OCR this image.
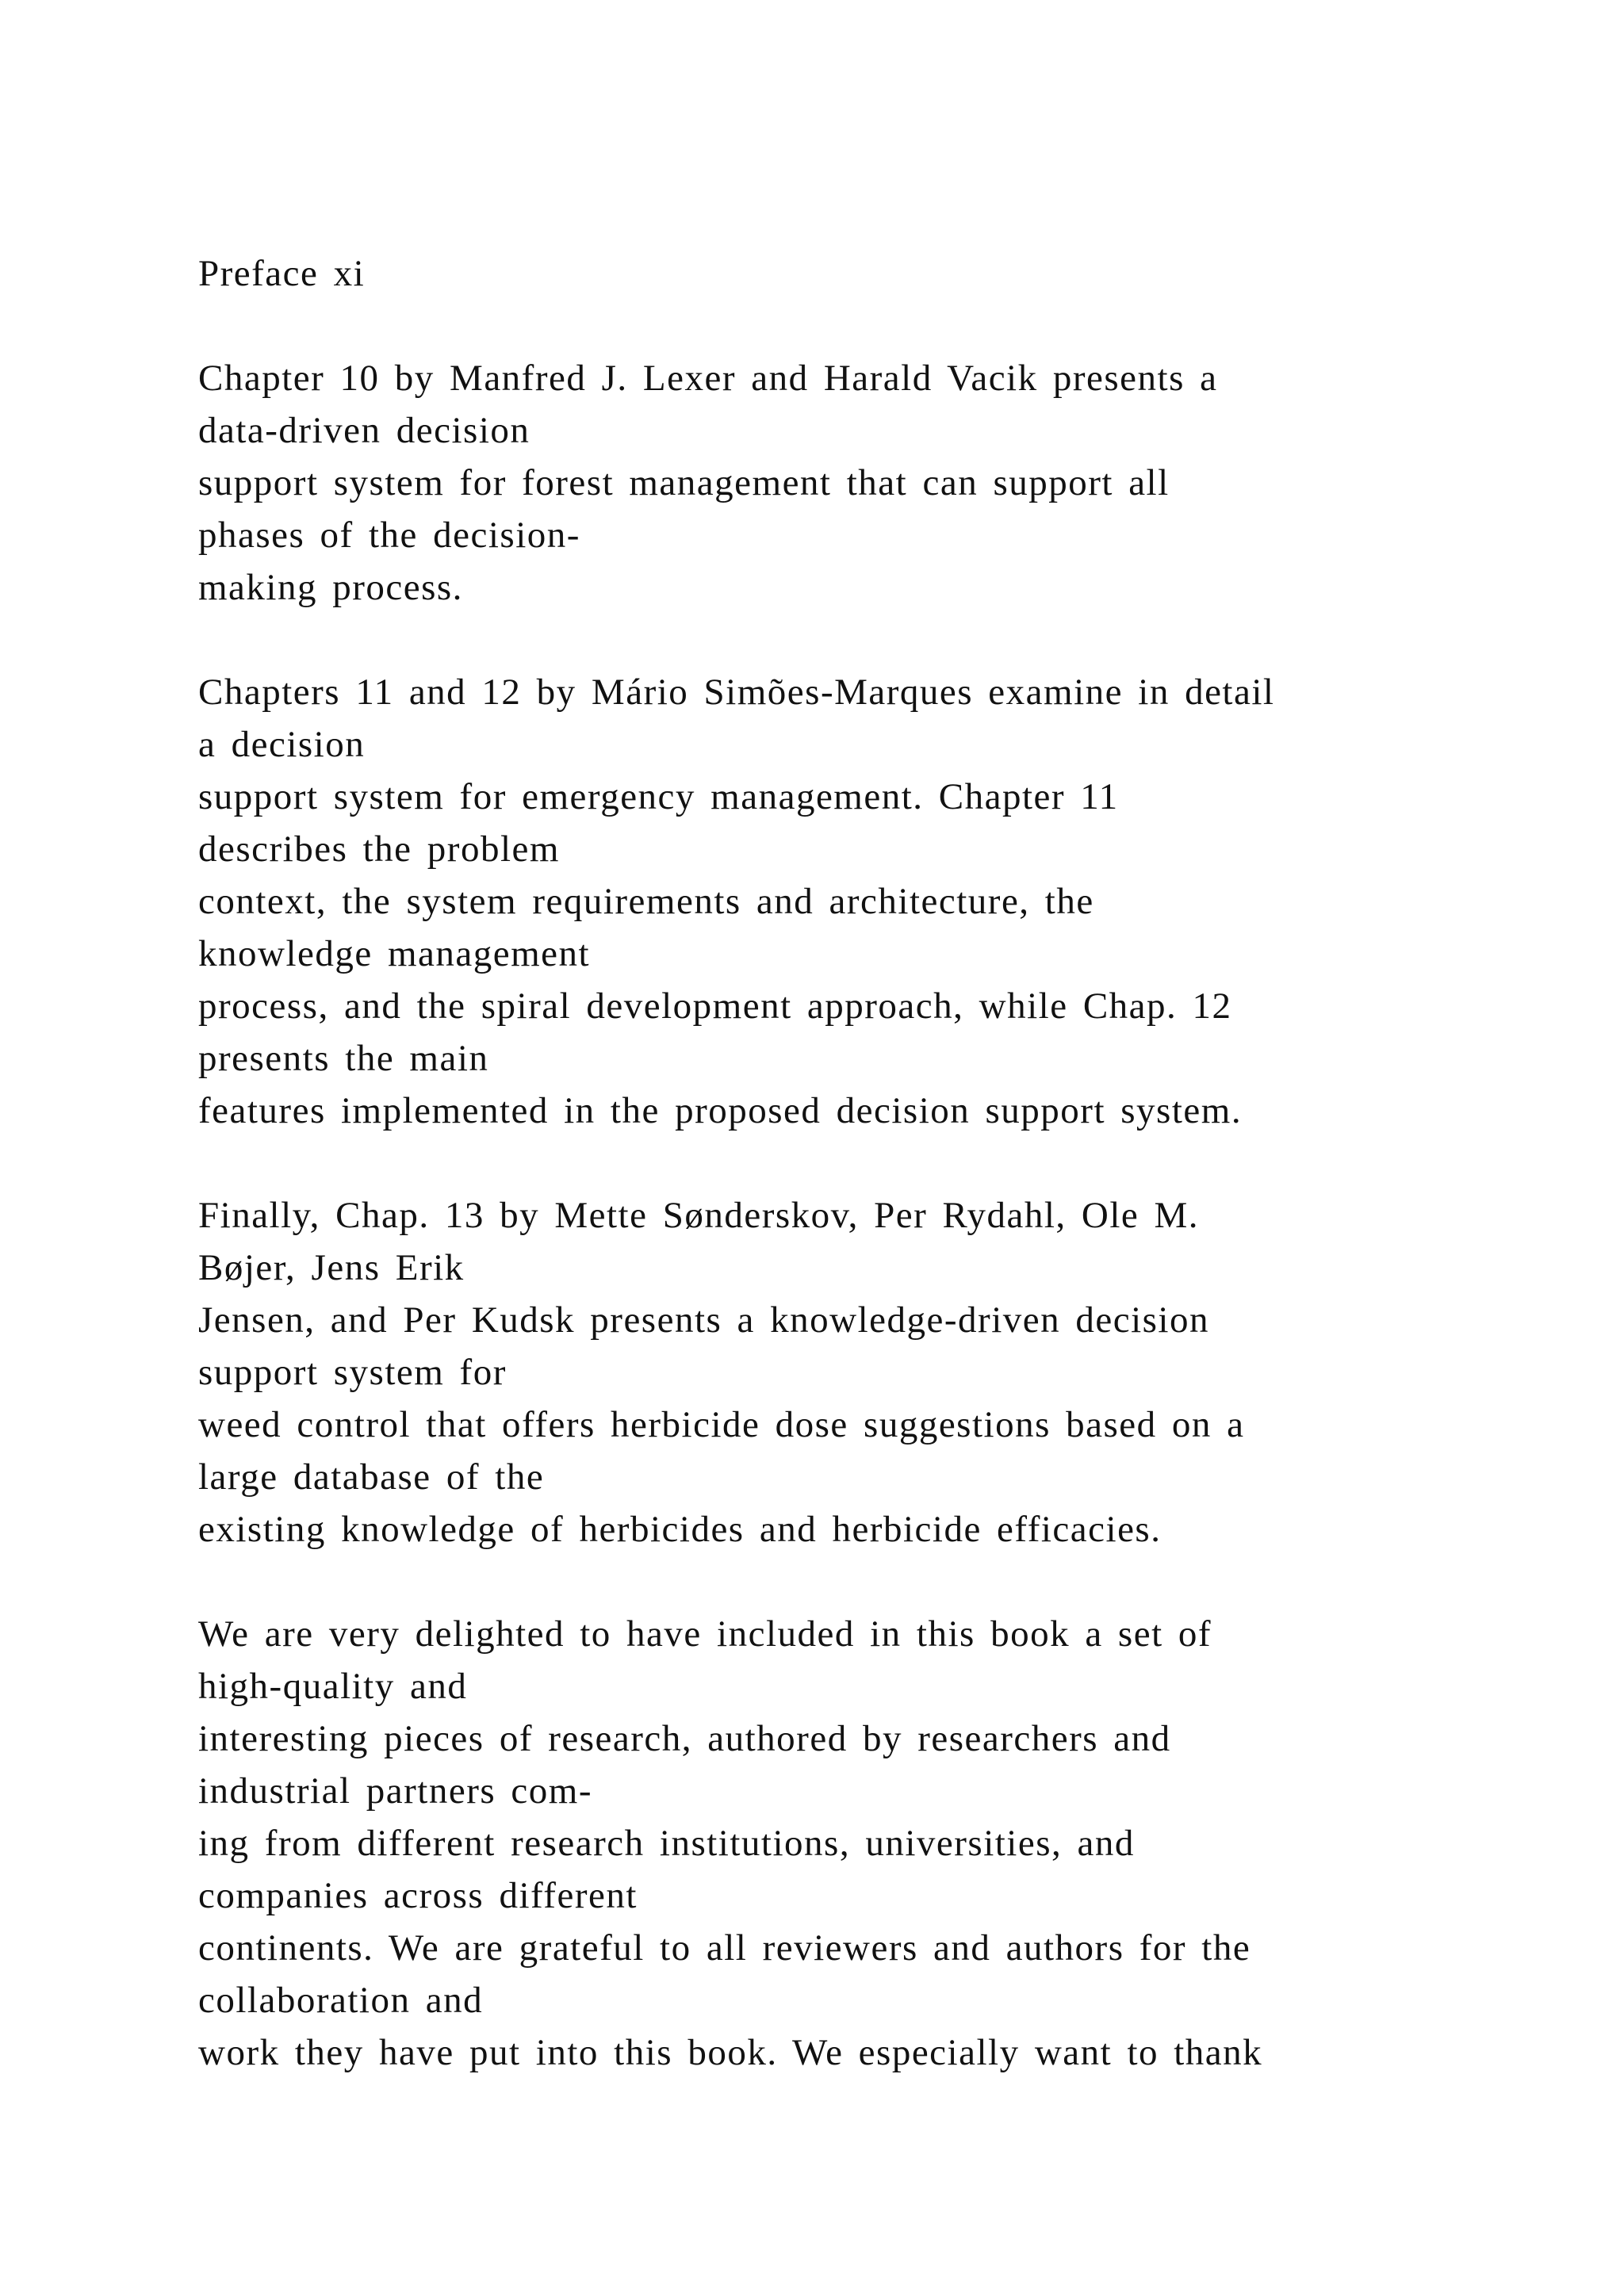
Preface xi
Chapter 10 by Manfred J. Lexer and Harald Vacik presents a
data-driven decision
support system for forest management that can support all
phases of the decision-
making process.
Chapters 11 and 12 by Mário Simões-Marques examine in detail
a decision
support system for emergency management. Chapter 11
describes the problem
context, the system requirements and architecture, the
knowledge management
process, and the spiral development approach, while Chap. 12
presents the main
features implemented in the proposed decision support system.
Finally, Chap. 13 by Mette Sønderskov, Per Rydahl, Ole M.
Bøjer, Jens Erik
Jensen, and Per Kudsk presents a knowledge-driven decision
support system for
weed control that offers herbicide dose suggestions based on a
large database of the
existing knowledge of herbicides and herbicide efficacies.
We are very delighted to have included in this book a set of
high-quality and
interesting pieces of research, authored by researchers and
industrial partners com-
ing from different research institutions, universities, and
companies across different
continents. We are grateful to all reviewers and authors for the
collaboration and
work they have put into this book. We especially want to thank
